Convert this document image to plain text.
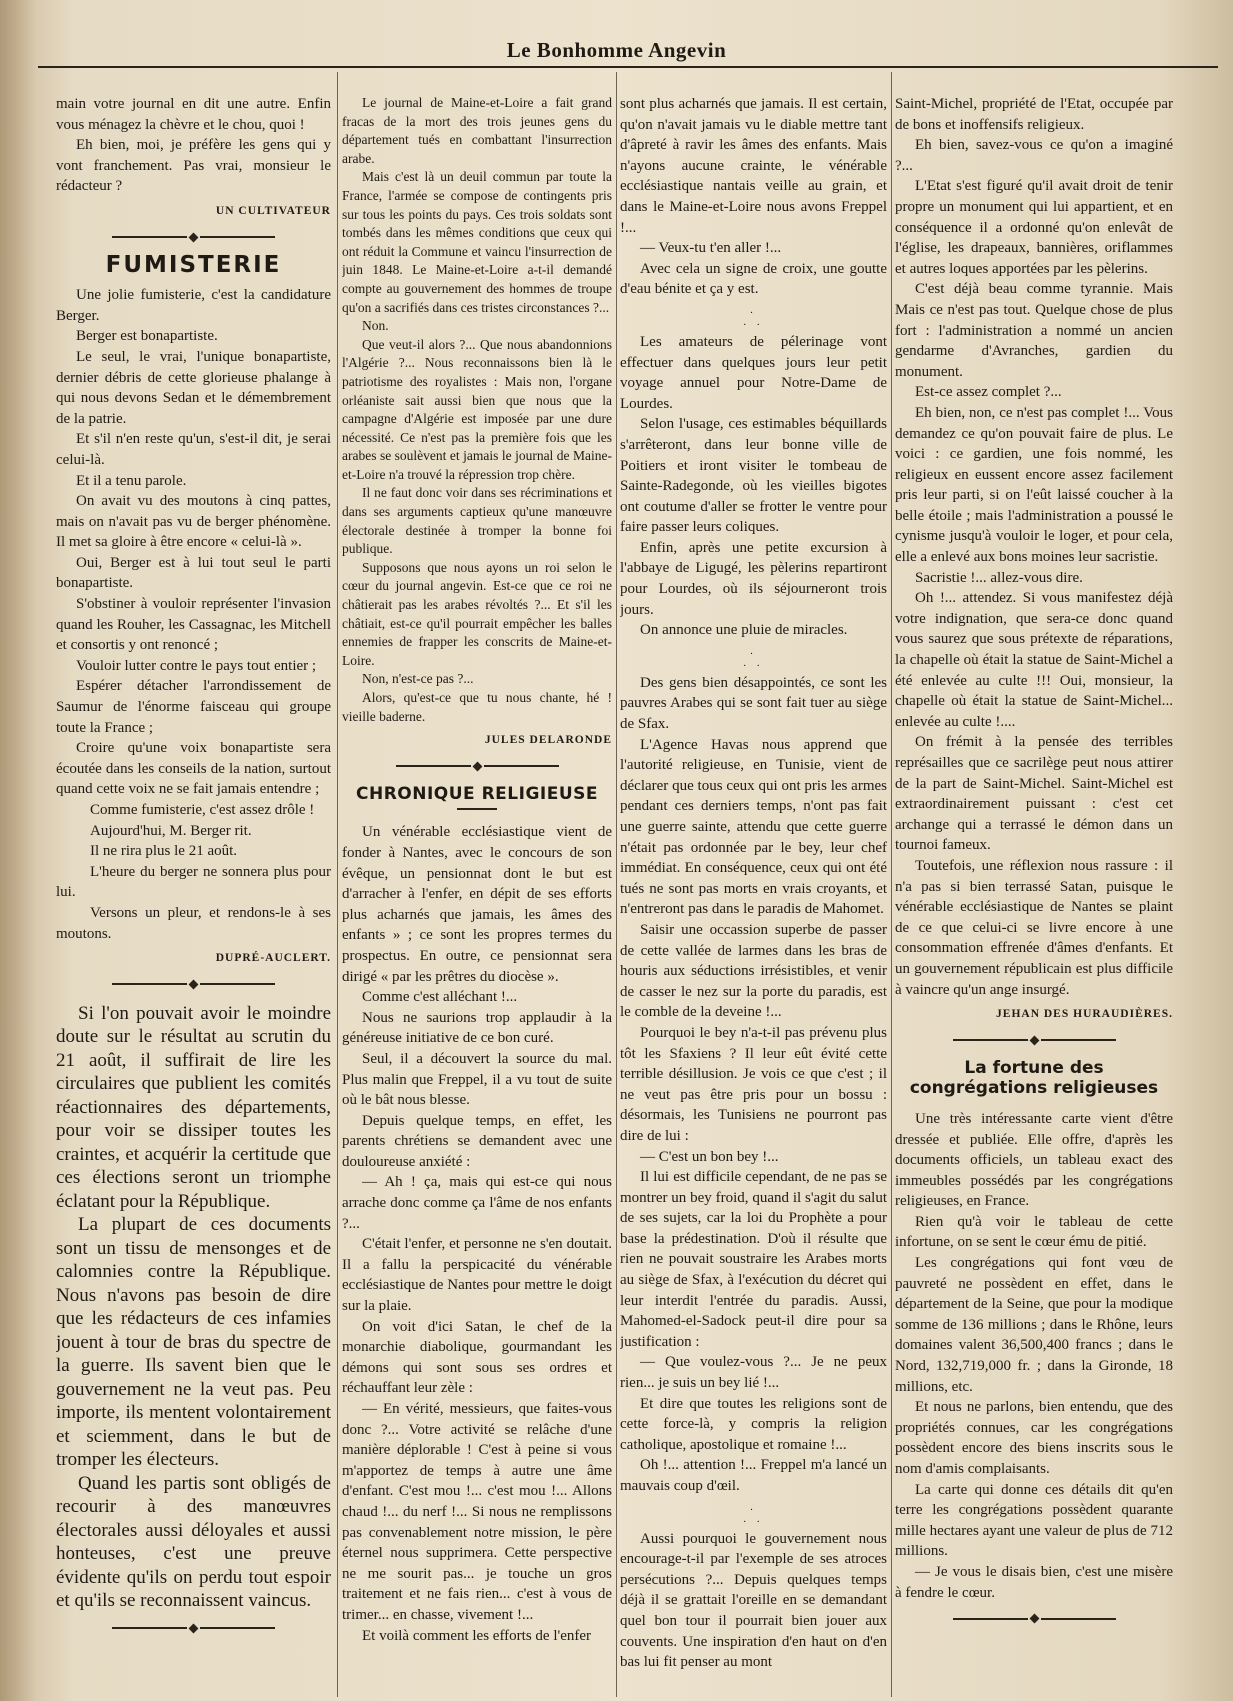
Le Bonhomme Angevin

main votre journal en dit une autre. Enfin vous ménagez la chèvre et le chou, quoi !

Eh bien, moi, je préfère les gens qui y vont franchement. Pas vrai, monsieur le rédacteur ?

UN CULTIVATEUR
FUMISTERIE

Une jolie fumisterie, c'est la candidature Berger.

Berger est bonapartiste.

Le seul, le vrai, l'unique bonapartiste, dernier débris de cette glorieuse phalange à qui nous devons Sedan et le démembrement de la patrie.

Et s'il n'en reste qu'un, s'est-il dit, je serai celui-là.

Et il a tenu parole.

On avait vu des moutons à cinq pattes, mais on n'avait pas vu de berger phénomène. Il met sa gloire à être encore « celui-là ».

Oui, Berger est à lui tout seul le parti bonapartiste.

S'obstiner à vouloir représenter l'invasion quand les Rouher, les Cassagnac, les Mitchell et consortis y ont renoncé ;

Vouloir lutter contre le pays tout entier ;

Espérer détacher l'arrondissement de Saumur de l'énorme faisceau qui groupe toute la France ;

Croire qu'une voix bonapartiste sera écoutée dans les conseils de la nation, surtout quand cette voix ne se fait jamais entendre ;

Comme fumisterie, c'est assez drôle !

Aujourd'hui, M. Berger rit.

Il ne rira plus le 21 août.

L'heure du berger ne sonnera plus pour lui.

Versons un pleur, et rendons-le à ses moutons.

DUPRÉ-AUCLERT.

Si l'on pouvait avoir le moindre doute sur le résultat au scrutin du 21 août, il suffirait de lire les circulaires que publient les comités réactionnaires des départements, pour voir se dissiper toutes les craintes, et acquérir la certitude que ces élections seront un triomphe éclatant pour la République.

La plupart de ces documents sont un tissu de mensonges et de calomnies contre la République. Nous n'avons pas besoin de dire que les rédacteurs de ces infamies jouent à tour de bras du spectre de la guerre. Ils savent bien que le gouvernement ne la veut pas. Peu importe, ils mentent volontairement et sciemment, dans le but de tromper les électeurs.

Quand les partis sont obligés de recourir à des manœuvres électorales aussi déloyales et aussi honteuses, c'est une preuve évidente qu'ils on perdu tout espoir et qu'ils se reconnaissent vaincus.

Le journal de Maine-et-Loire a fait grand fracas de la mort des trois jeunes gens du département tués en combattant l'insurrection arabe.

Mais c'est là un deuil commun par toute la France, l'armée se compose de contingents pris sur tous les points du pays. Ces trois soldats sont tombés dans les mêmes conditions que ceux qui ont réduit la Commune et vaincu l'insurrection de juin 1848. Le Maine-et-Loire a-t-il demandé compte au gouvernement des hommes de troupe qu'on a sacrifiés dans ces tristes circonstances ?...

Non.

Que veut-il alors ?... Que nous abandonnions l'Algérie ?... Nous reconnaissons bien là le patriotisme des royalistes : Mais non, l'organe orléaniste sait aussi bien que nous que la campagne d'Algérie est imposée par une dure nécessité. Ce n'est pas la première fois que les arabes se soulèvent et jamais le journal de Maine-et-Loire n'a trouvé la répression trop chère.

Il ne faut donc voir dans ses récriminations et dans ses arguments captieux qu'une manœuvre électorale destinée à tromper la bonne foi publique.

Supposons que nous ayons un roi selon le cœur du journal angevin. Est-ce que ce roi ne châtierait pas les arabes révoltés ?... Et s'il les châtiait, est-ce qu'il pourrait empêcher les balles ennemies de frapper les conscrits de Maine-et-Loire.

Non, n'est-ce pas ?...

Alors, qu'est-ce que tu nous chante, hé ! vieille baderne.

JULES DELARONDE
CHRONIQUE RELIGIEUSE

Un vénérable ecclésiastique vient de fonder à Nantes, avec le concours de son évêque, un pensionnat dont le but est d'arracher à l'enfer, en dépit de ses efforts plus acharnés que jamais, les âmes des enfants » ; ce sont les propres termes du prospectus. En outre, ce pensionnat sera dirigé « par les prêtres du diocèse ».

Comme c'est alléchant !...

Nous ne saurions trop applaudir à la généreuse initiative de ce bon curé.

Seul, il a découvert la source du mal. Plus malin que Freppel, il a vu tout de suite où le bât nous blesse.

Depuis quelque temps, en effet, les parents chrétiens se demandent avec une douloureuse anxiété :

— Ah ! ça, mais qui est-ce qui nous arrache donc comme ça l'âme de nos enfants ?...

C'était l'enfer, et personne ne s'en doutait. Il a fallu la perspicacité du vénérable ecclésiastique de Nantes pour mettre le doigt sur la plaie.

On voit d'ici Satan, le chef de la monarchie diabolique, gourmandant les démons qui sont sous ses ordres et réchauffant leur zèle :

— En vérité, messieurs, que faites-vous donc ?... Votre activité se relâche d'une manière déplorable ! C'est à peine si vous m'apportez de temps à autre une âme d'enfant. C'est mou !... c'est mou !... Allons chaud !... du nerf !... Si nous ne remplissons pas convenablement notre mission, le père éternel nous supprimera. Cette perspective ne me sourit pas... je touche un gros traitement et ne fais rien... c'est à vous de trimer... en chasse, vivement !...

Et voilà comment les efforts de l'enfer

sont plus acharnés que jamais. Il est certain, qu'on n'avait jamais vu le diable mettre tant d'âpreté à ravir les âmes des enfants. Mais n'ayons aucune crainte, le vénérable ecclésiastique nantais veille au grain, et dans le Maine-et-Loire nous avons Freppel !...

— Veux-tu t'en aller !...

Avec cela un signe de croix, une goutte d'eau bénite et ça y est.

.
. .

Les amateurs de pélerinage vont effectuer dans quelques jours leur petit voyage annuel pour Notre-Dame de Lourdes.

Selon l'usage, ces estimables béquillards s'arrêteront, dans leur bonne ville de Poitiers et iront visiter le tombeau de Sainte-Radegonde, où les vieilles bigotes ont coutume d'aller se frotter le ventre pour faire passer leurs coliques.

Enfin, après une petite excursion à l'abbaye de Ligugé, les pèlerins repartiront pour Lourdes, où ils séjourneront trois jours.

On annonce une pluie de miracles.

.
. .

Des gens bien désappointés, ce sont les pauvres Arabes qui se sont fait tuer au siège de Sfax.

L'Agence Havas nous apprend que l'autorité religieuse, en Tunisie, vient de déclarer que tous ceux qui ont pris les armes pendant ces derniers temps, n'ont pas fait une guerre sainte, attendu que cette guerre n'était pas ordonnée par le bey, leur chef immédiat. En conséquence, ceux qui ont été tués ne sont pas morts en vrais croyants, et n'entreront pas dans le paradis de Mahomet.

Saisir une occassion superbe de passer de cette vallée de larmes dans les bras de houris aux séductions irrésistibles, et venir de casser le nez sur la porte du paradis, est le comble de la deveine !...

Pourquoi le bey n'a-t-il pas prévenu plus tôt les Sfaxiens ? Il leur eût évité cette terrible désillusion. Je vois ce que c'est ; il ne veut pas être pris pour un bossu : désormais, les Tunisiens ne pourront pas dire de lui :

— C'est un bon bey !...

Il lui est difficile cependant, de ne pas se montrer un bey froid, quand il s'agit du salut de ses sujets, car la loi du Prophète a pour base la prédestination. D'où il résulte que rien ne pouvait soustraire les Arabes morts au siège de Sfax, à l'exécution du décret qui leur interdit l'entrée du paradis. Aussi, Mahomed-el-Sadock peut-il dire pour sa justification :

— Que voulez-vous ?... Je ne peux rien... je suis un bey lié !...

Et dire que toutes les religions sont de cette force-là, y compris la religion catholique, apostolique et romaine !...

Oh !... attention !... Freppel m'a lancé un mauvais coup d'œil.

.
. .

Aussi pourquoi le gouvernement nous encourage-t-il par l'exemple de ses atroces persécutions ?... Depuis quelques temps déjà il se grattait l'oreille en se demandant quel bon tour il pourrait bien jouer aux couvents. Une inspiration d'en haut on d'en bas lui fit penser au mont

Saint-Michel, propriété de l'Etat, occupée par de bons et inoffensifs religieux.

Eh bien, savez-vous ce qu'on a imaginé ?...

L'Etat s'est figuré qu'il avait droit de tenir propre un monument qui lui appartient, et en conséquence il a ordonné qu'on enlevât de l'église, les drapeaux, bannières, oriflammes et autres loques apportées par les pèlerins.

C'est déjà beau comme tyrannie. Mais Mais ce n'est pas tout. Quelque chose de plus fort : l'administration a nommé un ancien gendarme d'Avranches, gardien du monument.

Est-ce assez complet ?...

Eh bien, non, ce n'est pas complet !... Vous demandez ce qu'on pouvait faire de plus. Le voici : ce gardien, une fois nommé, les religieux en eussent encore assez facilement pris leur parti, si on l'eût laissé coucher à la belle étoile ; mais l'administration a poussé le cynisme jusqu'à vouloir le loger, et pour cela, elle a enlevé aux bons moines leur sacristie.

Sacristie !... allez-vous dire.

Oh !... attendez. Si vous manifestez déjà votre indignation, que sera-ce donc quand vous saurez que sous prétexte de réparations, la chapelle où était la statue de Saint-Michel a été enlevée au culte !!! Oui, monsieur, la chapelle où était la statue de Saint-Michel... enlevée au culte !....

On frémit à la pensée des terribles représailles que ce sacrilège peut nous attirer de la part de Saint-Michel. Saint-Michel est extraordinairement puissant : c'est cet archange qui a terrassé le démon dans un tournoi fameux.

Toutefois, une réflexion nous rassure : il n'a pas si bien terrassé Satan, puisque le vénérable ecclésiastique de Nantes se plaint de ce que celui-ci se livre encore à une consommation effrenée d'âmes d'enfants. Et un gouvernement républicain est plus difficile à vaincre qu'un ange insurgé.

JEHAN DES HURAUDIÈRES.
La fortune des congrégations religieuses

Une très intéressante carte vient d'être dressée et publiée. Elle offre, d'après les documents officiels, un tableau exact des immeubles possédés par les congrégations religieuses, en France.

Rien qu'à voir le tableau de cette infortune, on se sent le cœur ému de pitié.

Les congrégations qui font vœu de pauvreté ne possèdent en effet, dans le département de la Seine, que pour la modique somme de 136 millions ; dans le Rhône, leurs domaines valent 36,500,400 francs ; dans le Nord, 132,719,000 fr. ; dans la Gironde, 18 millions, etc.

Et nous ne parlons, bien entendu, que des propriétés connues, car les congrégations possèdent encore des biens inscrits sous le nom d'amis complaisants.

La carte qui donne ces détails dit qu'en terre les congrégations possèdent quarante mille hectares ayant une valeur de plus de 712 millions.

— Je vous le disais bien, c'est une misère à fendre le cœur.
